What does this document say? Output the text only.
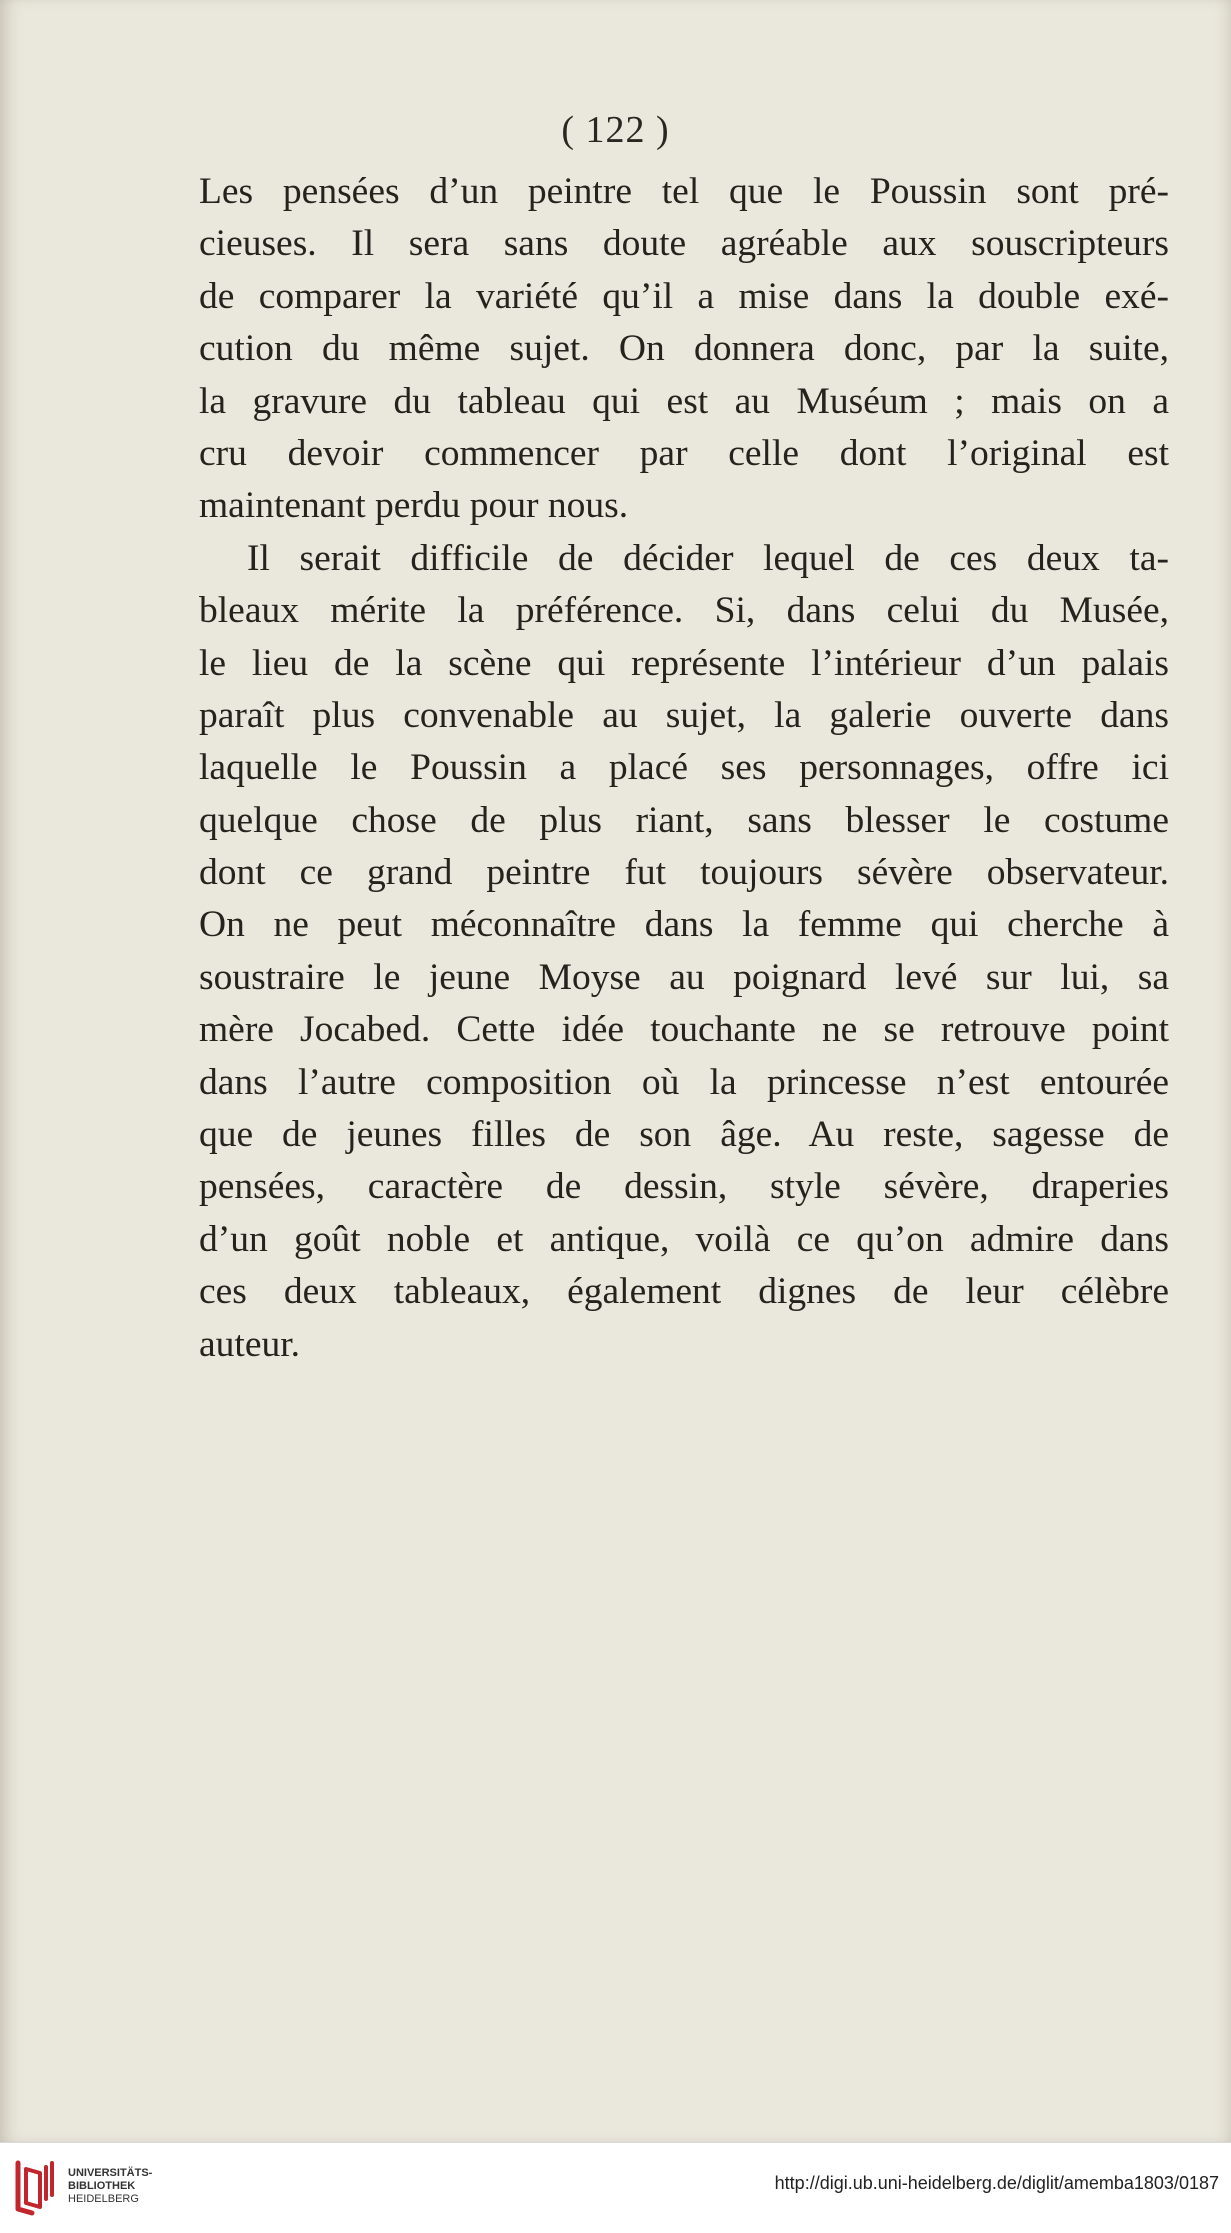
( 122 )
Les pensées d’un peintre tel que le Poussin sont pré-
cieuses. Il sera sans doute agréable aux souscripteurs
de comparer la variété qu’il a mise dans la double exé-
cution du même sujet. On donnera donc, par la suite,
la gravure du tableau qui est au Muséum ; mais on a
cru devoir commencer par celle dont l’original est
maintenant perdu pour nous.
Il serait difficile de décider lequel de ces deux ta-
bleaux mérite la préférence. Si, dans celui du Musée,
le lieu de la scène qui représente l’intérieur d’un palais
paraît plus convenable au sujet, la galerie ouverte dans
laquelle le Poussin a placé ses personnages, offre ici
quelque chose de plus riant, sans blesser le costume
dont ce grand peintre fut toujours sévère observateur.
On ne peut méconnaître dans la femme qui cherche à
soustraire le jeune Moyse au poignard levé sur lui, sa
mère Jocabed. Cette idée touchante ne se retrouve point
dans l’autre composition où la princesse n’est entourée
que de jeunes filles de son âge. Au reste, sagesse de
pensées, caractère de dessin, style sévère, draperies
d’un goût noble et antique, voilà ce qu’on admire dans
ces deux tableaux, également dignes de leur célèbre
auteur.
UNIVERSITÄTS-
BIBLIOTHEK
HEIDELBERG
http://digi.ub.uni-heidelberg.de/diglit/amemba1803/0187
